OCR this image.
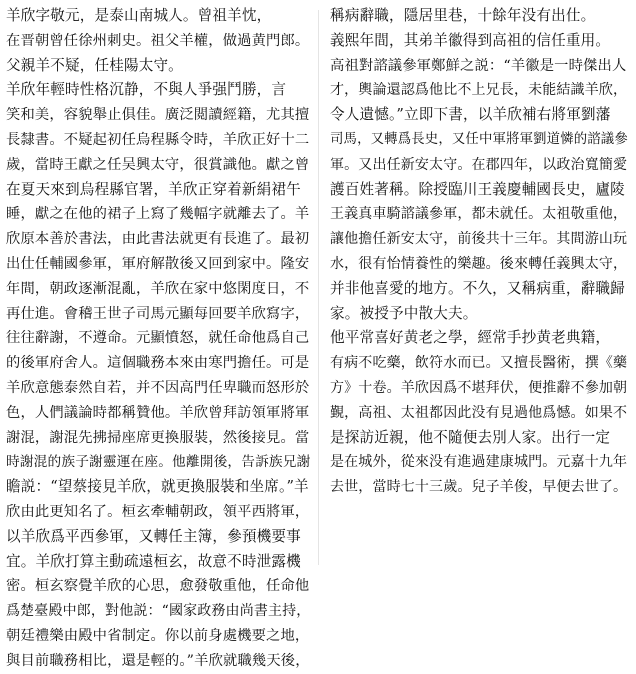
羊欣字敬元，是泰山南城人。曾祖羊忱，
在晋朝曾任徐州刺史。祖父羊權，做過黄門郎。
父親羊不疑，任桂陽太守。
羊欣年輕時性格沉静，不與人爭强鬥勝，言
笑和美，容貌舉止俱佳。廣泛閲讀經籍，尤其擅
長隸書。不疑起初任烏程縣令時，羊欣正好十二
歲，當時王獻之任吴興太守，很賞識他。獻之曾
在夏天來到烏程縣官署，羊欣正穿着新絹裙午
睡，獻之在他的裙子上寫了幾幅字就離去了。羊
欣原本善於書法，由此書法就更有長進了。最初
出仕任輔國參軍，軍府解散後又回到家中。隆安
年間，朝政逐漸混亂，羊欣在家中悠閑度日，不
再仕進。會稽王世子司馬元顯每回要羊欣寫字，
往往辭謝，不遵命。元顯憤怒，就任命他爲自己
的後軍府舍人。這個職務本來由寒門擔任。可是
羊欣意態泰然自若，并不因高門任卑職而怒形於
色，人們議論時都稱贊他。羊欣曾拜訪領軍將軍
謝混，謝混先拂掃座席更換服裝，然後接見。當
時謝混的族子謝靈運在座。他離開後，告訴族兄謝
瞻説：“望蔡接見羊欣，就更換服裝和坐席。”羊
欣由此更知名了。桓玄牽輔朝政，領平西將軍，
以羊欣爲平西參軍，又轉任主簿，參預機要事
宜。羊欣打算主動疏遠桓玄，故意不時泄露機
密。桓玄察覺羊欣的心思，愈發敬重他，任命他
爲楚臺殿中郎，對他説：“國家政務由尚書主持，
朝廷禮樂由殿中省制定。你以前身處機要之地，
與目前職務相比，還是輕的。”羊欣就職幾天後，
稱病辭職，隱居里巷，十餘年没有出仕。
義熙年間，其弟羊徽得到高祖的信任重用。
高祖對諮議參軍鄭鮮之説：“羊徽是一時傑出人
才，輿論還認爲他比不上兄長，未能結識羊欣，
令人遺憾。”立即下書，以羊欣補右將軍劉藩
司馬，又轉爲長史，又任中軍將軍劉道憐的諮議參
軍。又出任新安太守。在郡四年，以政治寬簡愛
護百姓著稱。除授臨川王義慶輔國長史，廬陵
王義真車騎諮議參軍，都未就任。太祖敬重他，
讓他擔任新安太守，前後共十三年。其間游山玩
水，很有怡情養性的樂趣。後來轉任義興太守，
并非他喜愛的地方。不久，又稱病重，辭職歸
家。被授予中散大夫。
他平常喜好黄老之學，經常手抄黄老典籍，
有病不吃藥，飲符水而已。又擅長醫術，撰《藥
方》十卷。羊欣因爲不堪拜伏，便推辭不參加朝
覲，高祖、太祖都因此没有見過他爲憾。如果不
是探訪近親，他不隨便去別人家。出行一定
是在城外，從來没有進過建康城門。元嘉十九年
去世，當時七十三歲。兒子羊俊，早便去世了。
